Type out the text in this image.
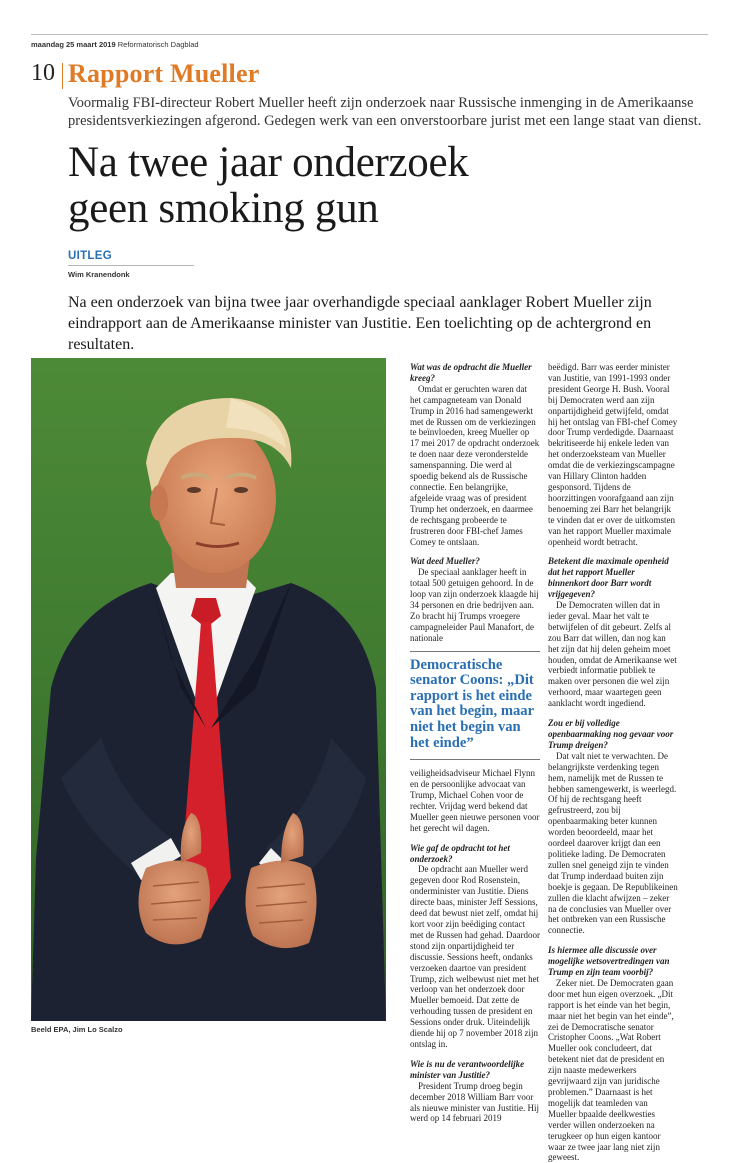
maandag 25 maart 2019 Reformatorisch Dagblad
10 Rapport Mueller
Voormalig FBI-directeur Robert Mueller heeft zijn onderzoek naar Russische inmenging in de Amerikaanse presidentsverkiezingen afgerond. Gedegen werk van een onverstoorbare jurist met een lange staat van dienst.
Na twee jaar onderzoek
geen smoking gun
UITLEG
Wim Kranendonk
Na een onderzoek van bijna twee jaar overhandigde speciaal aanklager Robert Mueller zijn eindrapport aan de Amerikaanse minister van Justitie. Een toelichting op de achtergrond en resultaten.
Beeld EPA, Jim Lo Scalzo

Wat was de opdracht die Mueller kreeg?

Omdat er geruchten waren dat het campagneteam van Donald Trump in 2016 had samengewerkt met de Russen om de verkiezingen te beïnvloeden, kreeg Mueller op 17 mei 2017 de opdracht onderzoek te doen naar deze veronderstelde samenspanning. Die werd al spoedig bekend als de Russische connectie. Een belangrijke, afgeleide vraag was of president Trump het onderzoek, en daarmee de rechtsgang probeerde te frustreren door FBI-chef James Comey te ontslaan.

Wat deed Mueller?

De speciaal aanklager heeft in totaal 500 getuigen gehoord. In de loop van zijn onderzoek klaagde hij 34 personen en drie bedrijven aan. Zo bracht hij Trumps vroegere campagneleider Paul Manafort, de nationale

Democratische senator Coons: „Dit rapport is het einde van het begin, maar niet het begin van het einde”

veiligheidsadviseur Michael Flynn en de persoonlijke advocaat van Trump, Michael Cohen voor de rechter. Vrijdag werd bekend dat Mueller geen nieuwe personen voor het gerecht wil dagen.

Wie gaf de opdracht tot het onderzoek?

De opdracht aan Mueller werd gegeven door Rod Rosenstein, onderminister van Justitie. Diens directe baas, minister Jeff Sessions, deed dat bewust niet zelf, omdat hij kort voor zijn beëdiging contact met de Russen had gehad. Daardoor stond zijn onpartijdigheid ter discussie. Sessions heeft, ondanks verzoeken daartoe van president Trump, zich welbewust niet met het verloop van het onderzoek door Mueller bemoeid. Dat zette de verhouding tussen de president en Sessions onder druk. Uiteindelijk diende hij op 7 november 2018 zijn ontslag in.

Wie is nu de verantwoordelijke minister van Justitie?

President Trump droeg begin december 2018 William Barr voor als nieuwe minister van Justitie. Hij werd op 14 februari 2019

beëdigd. Barr was eerder minister van Justitie, van 1991-1993 onder president George H. Bush. Vooral bij Democraten werd aan zijn onpartijdigheid getwijfeld, omdat hij het ontslag van FBI-chef Comey door Trump verdedigde. Daarnaast bekritiseerde hij enkele leden van het onderzoeksteam van Mueller omdat die de verkiezingscampagne van Hillary Clinton hadden gesponsord. Tijdens de hoorzittingen voorafgaand aan zijn benoeming zei Barr het belangrijk te vinden dat er over de uitkomsten van het rapport Mueller maximale openheid wordt betracht.

Betekent die maximale openheid dat het rapport Mueller binnenkort door Barr wordt vrijgegeven?

De Democraten willen dat in ieder geval. Maar het valt te betwijfelen of dit gebeurt. Zelfs al zou Barr dat willen, dan nog kan het zijn dat hij delen geheim moet houden, omdat de Amerikaanse wet verbiedt informatie publiek te maken over personen die wel zijn verhoord, maar waartegen geen aanklacht wordt ingediend.

Zou er bij volledige openbaarmaking nog gevaar voor Trump dreigen?

Dat valt niet te verwachten. De belangrijkste verdenking tegen hem, namelijk met de Russen te hebben samengewerkt, is weerlegd. Of hij de rechtsgang heeft gefrustreerd, zou bij openbaarmaking beter kunnen worden beoordeeld, maar het oordeel daarover krijgt dan een politieke lading. De Democraten zullen snel geneigd zijn te vinden dat Trump inderdaad buiten zijn boekje is gegaan. De Republikeinen zullen die klacht afwijzen – zeker na de conclusies van Mueller over het ontbreken van een Russische connectie.

Is hiermee alle discussie over mogelijke wetsovertredingen van Trump en zijn team voorbij?

Zeker niet. De Democraten gaan door met hun eigen overzoek. „Dit rapport is het einde van het begin, maar niet het begin van het einde”, zei de Democratische senator Cristopher Coons. „Wat Robert Mueller ook concludeert, dat betekent niet dat de president en zijn naaste medewerkers gevrijwaard zijn van juridische problemen.” Daarnaast is het mogelijk dat teamleden van Mueller bpaalde deelkwesties verder willen onderzoeken na terugkeer op hun eigen kantoor waar ze twee jaar lang niet zijn geweest.
